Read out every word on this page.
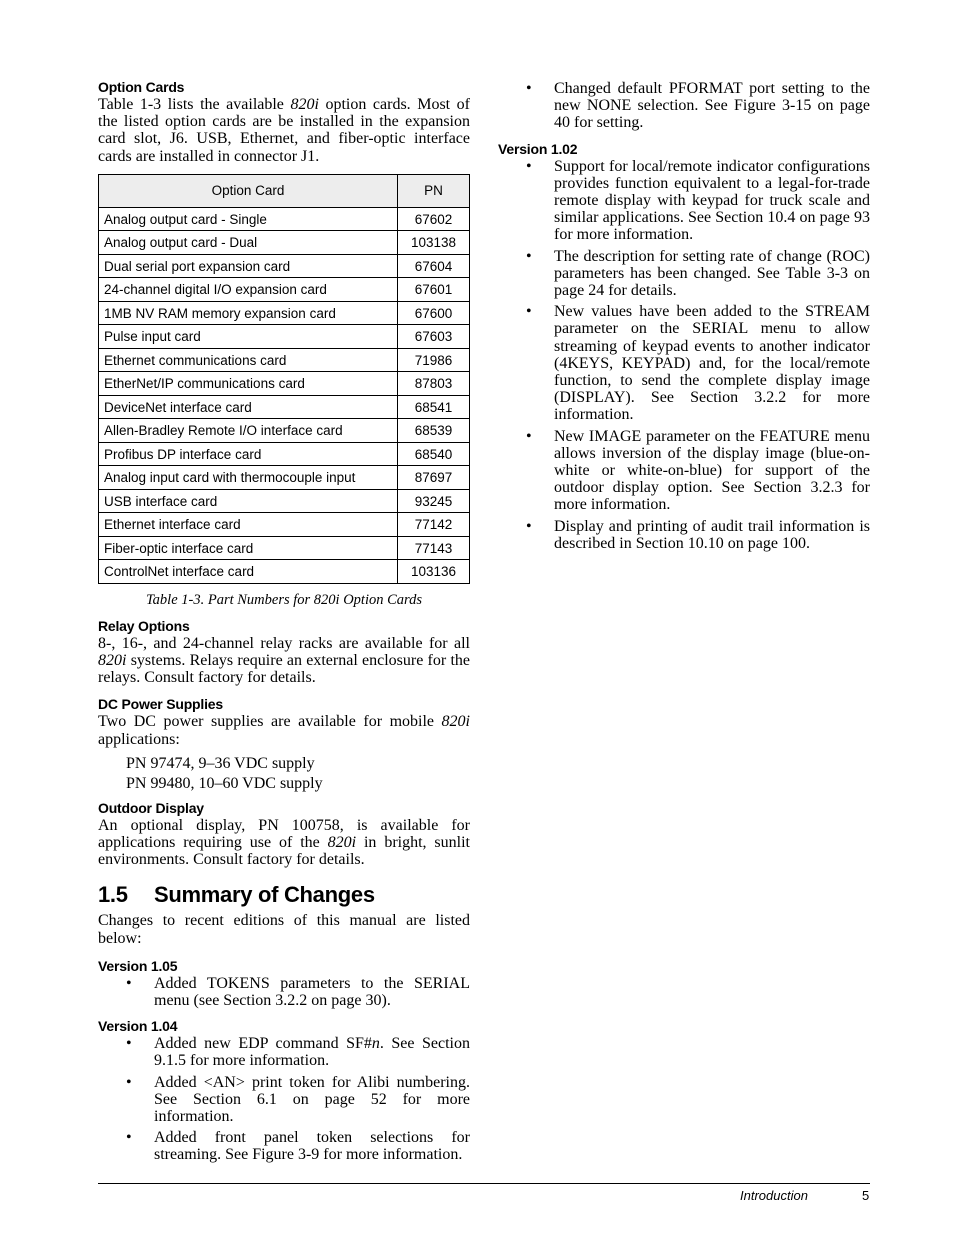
Option Cards

Table 1-3 lists the available 820i option cards. Most of the listed option cards are be installed in the expansion card slot, J6. USB, Ethernet, and fiber-optic interface cards are installed in connector J1.

Option Card	PN
Analog output card - Single	67602
Analog output card - Dual	103138
Dual serial port expansion card	67604
24-channel digital I/O expansion card	67601
1MB NV RAM memory expansion card	67600
Pulse input card	67603
Ethernet communications card	71986
EtherNet/IP communications card	87803
DeviceNet interface card	68541
Allen-Bradley Remote I/O interface card	68539
Profibus DP interface card	68540
Analog input card with thermocouple input	87697
USB interface card	93245
Ethernet interface card	77142
Fiber-optic interface card	77143
ControlNet interface card	103136

Table 1-3. Part Numbers for 820i Option Cards

Relay Options

8-, 16-, and 24-channel relay racks are available for all 820i systems. Relays require an external enclosure for the relays. Consult factory for details.

DC Power Supplies

Two DC power supplies are available for mobile 820i applications:

PN 97474, 9–36 VDC supply

PN 99480, 10–60 VDC supply

Outdoor Display

An optional display, PN 100758, is available for applications requiring use of the 820i in bright, sunlit environments. Consult factory for details.

1.5	Summary of Changes

Changes to recent editions of this manual are listed below:

Version 1.05

• Added TOKENS parameters to the SERIAL menu (see Section 3.2.2 on page 30).

Version 1.04

• Added new EDP command SF#n. See Section 9.1.5 for more information.
• Added <AN> print token for Alibi numbering. See Section 6.1 on page 52 for more information.
• Added front panel token selections for streaming. See Figure 3-9 for more information.
• Changed default PFORMAT port setting to the new NONE selection. See Figure 3-15 on page 40 for setting.

Version 1.02

• Support for local/remote indicator configurations provides function equivalent to a legal-for-trade remote display with keypad for truck scale and similar applications. See Section 10.4 on page 93 for more information.
• The description for setting rate of change (ROC) parameters has been changed. See Table 3-3 on page 24 for details.
• New values have been added to the STREAM parameter on the SERIAL menu to allow streaming of keypad events to another indicator (4KEYS, KEYPAD) and, for the local/remote function, to send the complete display image (DISPLAY). See Section 3.2.2 for more information.
• New IMAGE parameter on the FEATURE menu allows inversion of the display image (blue-on-white or white-on-blue) for support of the outdoor display option. See Section 3.2.3 for more information.
• Display and printing of audit trail information is described in Section 10.10 on page 100.
Introduction	5
